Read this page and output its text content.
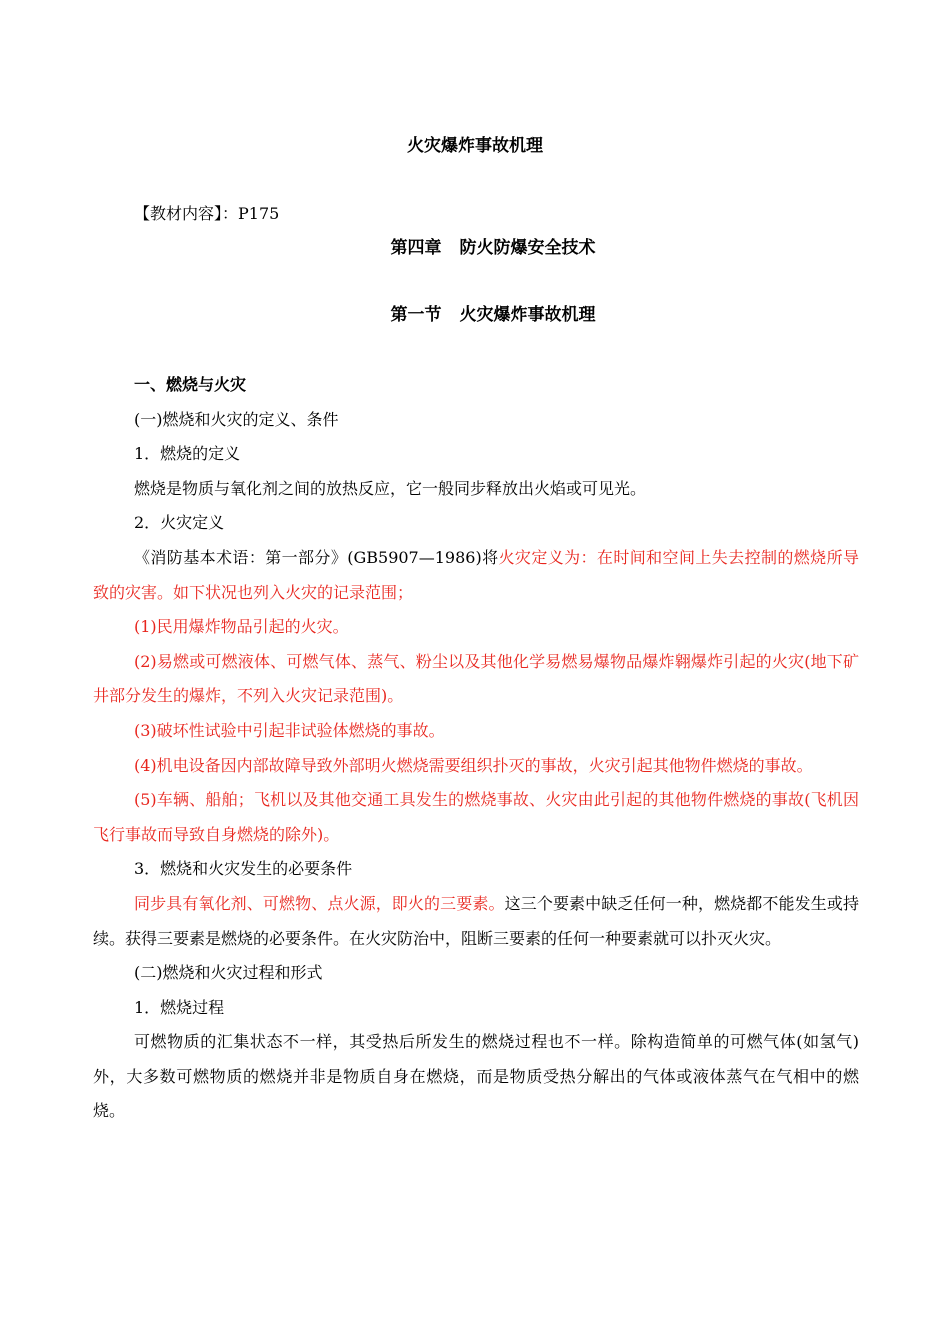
火灾爆炸事故机理
【教材内容】：P175
第四章 防火防爆安全技术
第一节 火灾爆炸事故机理

一、燃烧与火灾

(一)燃烧和火灾的定义、条件

1．燃烧的定义

燃烧是物质与氧化剂之间的放热反应，它一般同步释放出火焰或可见光。

2．火灾定义

《消防基本术语：第一部分》(GB5907—1986)将火灾定义为：在时间和空间上失去控制的燃烧所导致的灾害。如下状况也列入火灾的记录范围；

(1)民用爆炸物品引起的火灾。

(2)易燃或可燃液体、可燃气体、蒸气、粉尘以及其他化学易燃易爆物品爆炸翱爆炸引起的火灾(地下矿井部分发生的爆炸，不列入火灾记录范围)。

(3)破坏性试验中引起非试验体燃烧的事故。

(4)机电设备因内部故障导致外部明火燃烧需要组织扑灭的事故，火灾引起其他物件燃烧的事故。

(5)车辆、船舶；飞机以及其他交通工具发生的燃烧事故、火灾由此引起的其他物件燃烧的事故(飞机因飞行事故而导致自身燃烧的除外)。

3．燃烧和火灾发生的必要条件

同步具有氧化剂、可燃物、点火源，即火的三要素。这三个要素中缺乏任何一种，燃烧都不能发生或持续。获得三要素是燃烧的必要条件。在火灾防治中，阻断三要素的任何一种要素就可以扑灭火灾。

(二)燃烧和火灾过程和形式

1．燃烧过程

可燃物质的汇集状态不一样，其受热后所发生的燃烧过程也不一样。除构造简单的可燃气体(如氢气)外，大多数可燃物质的燃烧并非是物质自身在燃烧，而是物质受热分解出的气体或液体蒸气在气相中的燃烧。
